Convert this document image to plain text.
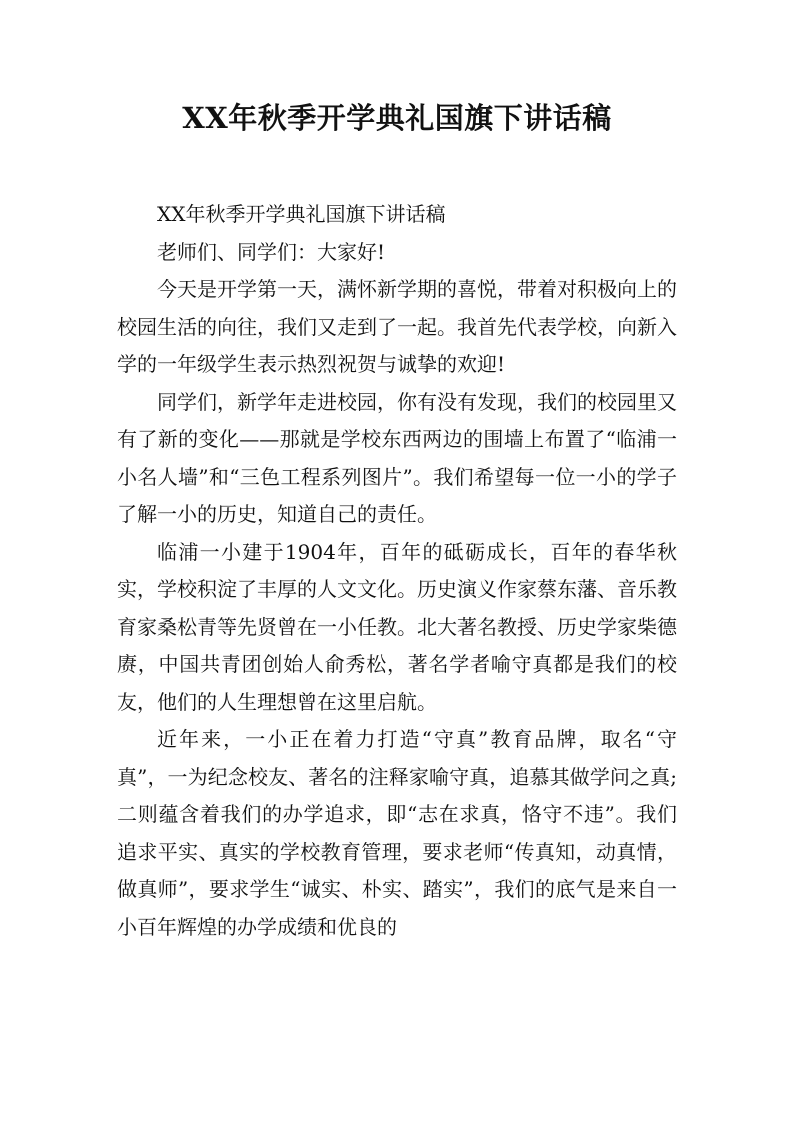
XX年秋季开学典礼国旗下讲话稿

XX年秋季开学典礼国旗下讲话稿

老师们、同学们：大家好!

今天是开学第一天，满怀新学期的喜悦，带着对积极向上的校园生活的向往，我们又走到了一起。我首先代表学校，向新入学的一年级学生表示热烈祝贺与诚挚的欢迎!

同学们，新学年走进校园，你有没有发现，我们的校园里又有了新的变化——那就是学校东西两边的围墙上布置了“临浦一小名人墙”和“三色工程系列图片”。我们希望每一位一小的学子了解一小的历史，知道自己的责任。

临浦一小建于1904年，百年的砥砺成长，百年的春华秋实，学校积淀了丰厚的人文文化。历史演义作家蔡东藩、音乐教育家桑松青等先贤曾在一小任教。北大著名教授、历史学家柴德赓，中国共青团创始人俞秀松，著名学者喻守真都是我们的校友，他们的人生理想曾在这里启航。

近年来，一小正在着力打造“守真”教育品牌，取名“守真”，一为纪念校友、著名的注释家喻守真，追慕其做学问之真;二则蕴含着我们的办学追求，即“志在求真，恪守不违”。我们追求平实、真实的学校教育管理，要求老师“传真知，动真情，做真师”，要求学生“诚实、朴实、踏实”，我们的底气是来自一小百年辉煌的办学成绩和优良的
